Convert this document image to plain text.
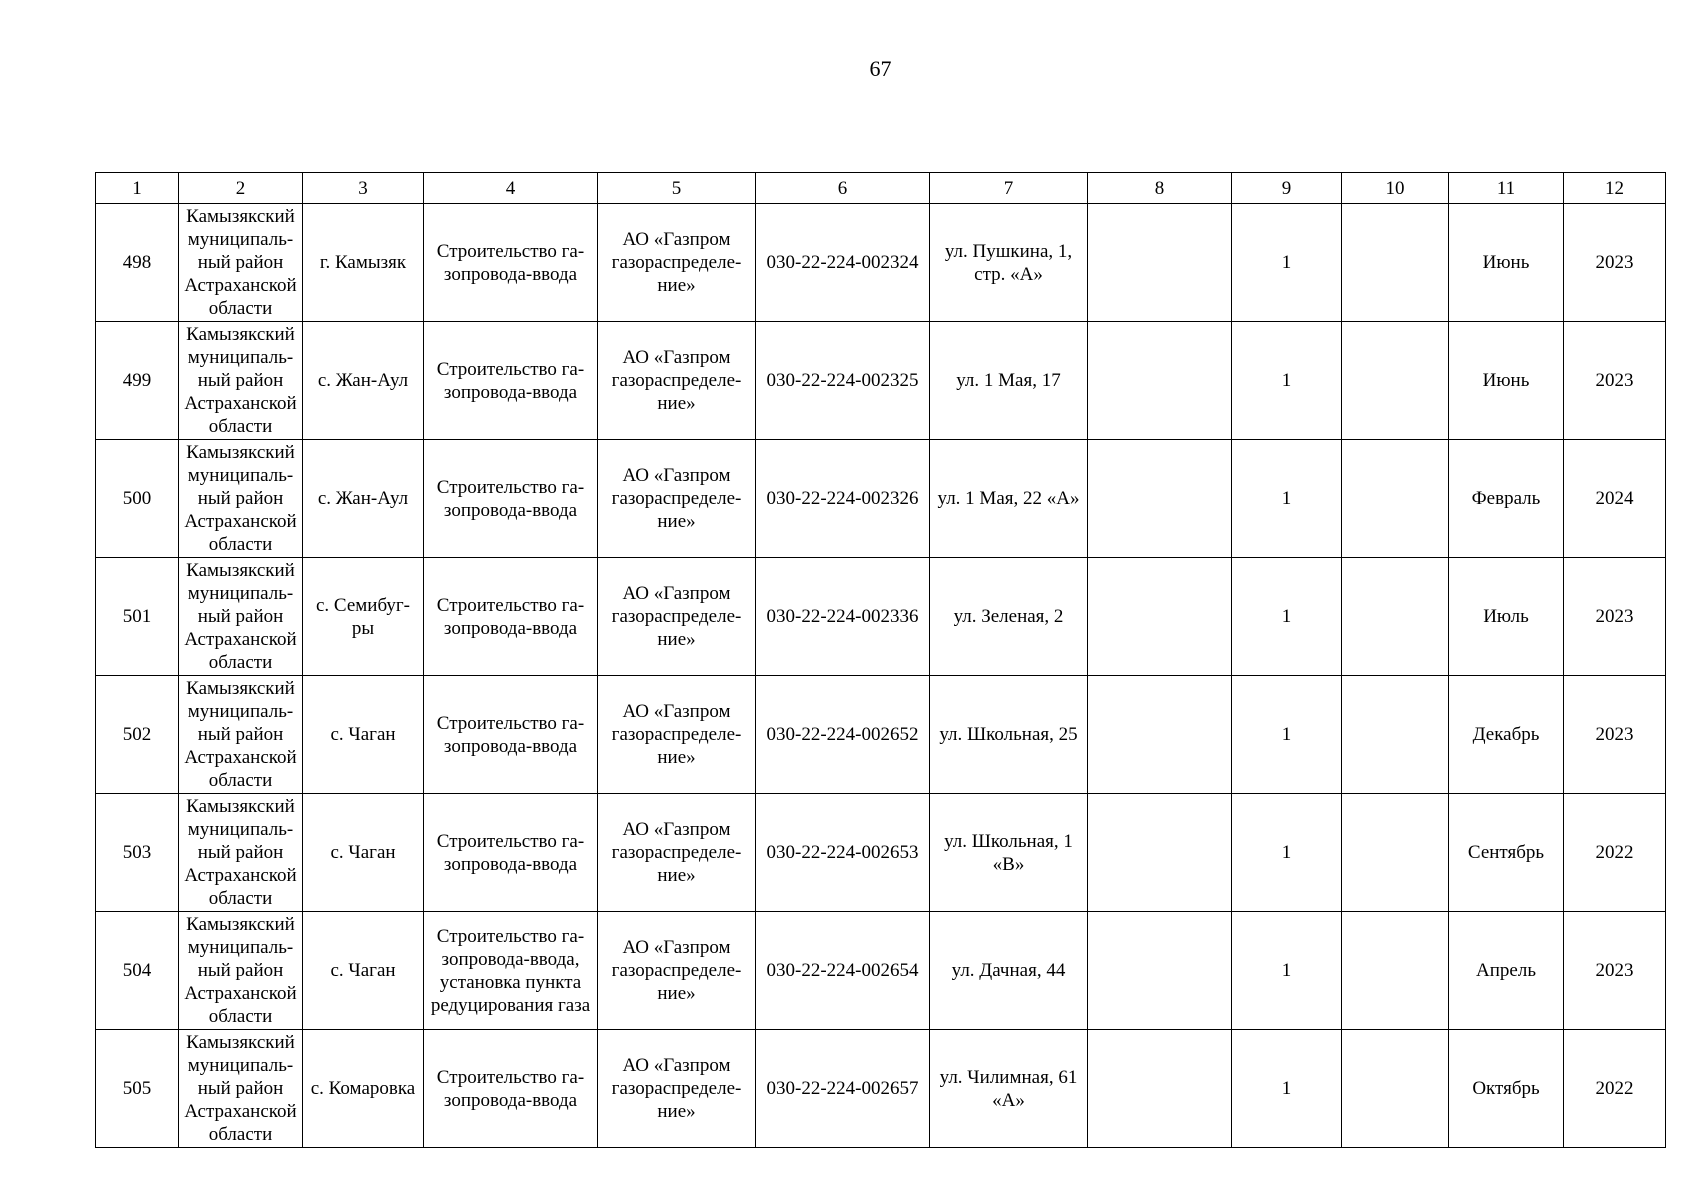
67
1	2	3	4	5	6	7	8	9	10	11	12
498	Камызякский муниципаль-ный район Астраханской области	г. Камызяк	Строительство га-зопровода-ввода	АО «Газпром газораспределе-ние»	030-22-224-002324	ул. Пушкина, 1, стр. «А»		1		Июнь	2023
499	Камызякский муниципаль-ный район Астраханской области	с. Жан-Аул	Строительство га-зопровода-ввода	АО «Газпром газораспределе-ние»	030-22-224-002325	ул. 1 Мая, 17		1		Июнь	2023
500	Камызякский муниципаль-ный район Астраханской области	с. Жан-Аул	Строительство га-зопровода-ввода	АО «Газпром газораспределе-ние»	030-22-224-002326	ул. 1 Мая, 22 «А»		1		Февраль	2024
501	Камызякский муниципаль-ный район Астраханской области	с. Семибуг-ры	Строительство га-зопровода-ввода	АО «Газпром газораспределе-ние»	030-22-224-002336	ул. Зеленая, 2		1		Июль	2023
502	Камызякский муниципаль-ный район Астраханской области	с. Чаган	Строительство га-зопровода-ввода	АО «Газпром газораспределе-ние»	030-22-224-002652	ул. Школьная, 25		1		Декабрь	2023
503	Камызякский муниципаль-ный район Астраханской области	с. Чаган	Строительство га-зопровода-ввода	АО «Газпром газораспределе-ние»	030-22-224-002653	ул. Школьная, 1 «В»		1		Сентябрь	2022
504	Камызякский муниципаль-ный район Астраханской области	с. Чаган	Строительство га-зопровода-ввода, установка пункта редуцирования газа	АО «Газпром газораспределе-ние»	030-22-224-002654	ул. Дачная, 44		1		Апрель	2023
505	Камызякский муниципаль-ный район Астраханской области	с. Комаровка	Строительство га-зопровода-ввода	АО «Газпром газораспределе-ние»	030-22-224-002657	ул. Чилимная, 61 «А»		1		Октябрь	2022
